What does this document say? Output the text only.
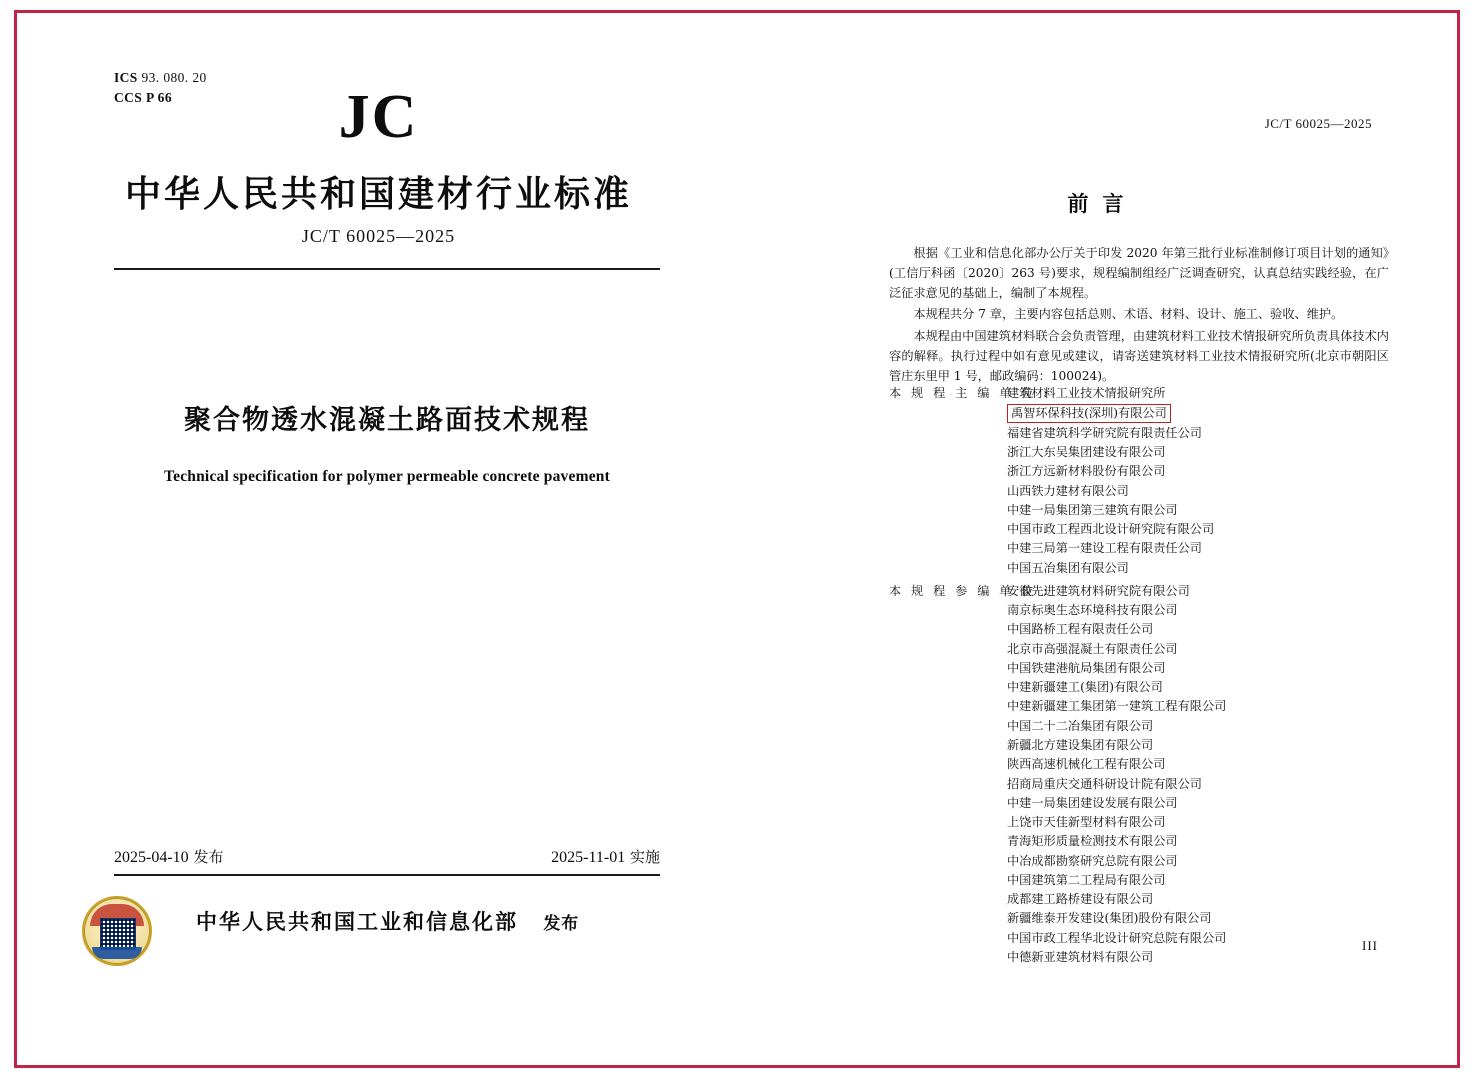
ICS 93. 080. 20
CCS P 66	JC
中华人民共和国建材行业标准
JC/T 60025—2025
聚合物透水混凝土路面技术规程
Technical specification for polymer permeable concrete pavement
2025-04-10 发布	2025-11-01 实施
中华人民共和国工业和信息化部 发布
JC/T 60025—2025
前言

根据《工业和信息化部办公厅关于印发 2020 年第三批行业标准制修订项目计划的通知》(工信厅科函〔2020〕263 号)要求，规程编制组经广泛调查研究，认真总结实践经验，在广泛征求意见的基础上，编制了本规程。

本规程共分 7 章，主要内容包括总则、术语、材料、设计、施工、验收、维护。

本规程由中国建筑材料联合会负责管理，由建筑材料工业技术情报研究所负责具体技术内容的解释。执行过程中如有意见或建议，请寄送建筑材料工业技术情报研究所(北京市朝阳区管庄东里甲 1 号，邮政编码：100024)。

本 规 程 主 编 单 位 :
建筑材料工业技术情报研究所
禹智环保科技(深圳)有限公司
福建省建筑科学研究院有限责任公司
浙江大东吴集团建设有限公司
浙江方远新材料股份有限公司
山西铁力建材有限公司
中建一局集团第三建筑有限公司
中国市政工程西北设计研究院有限公司
中建三局第一建设工程有限责任公司
中国五冶集团有限公司
本 规 程 参 编 单 位 :
安徽先进建筑材料研究院有限公司
南京标奥生态环境科技有限公司
中国路桥工程有限责任公司
北京市高强混凝土有限责任公司
中国铁建港航局集团有限公司
中建新疆建工(集团)有限公司
中建新疆建工集团第一建筑工程有限公司
中国二十二冶集团有限公司
新疆北方建设集团有限公司
陕西高速机械化工程有限公司
招商局重庆交通科研设计院有限公司
中建一局集团建设发展有限公司
上饶市天佳新型材料有限公司
青海矩形质量检测技术有限公司
中冶成都勘察研究总院有限公司
中国建筑第二工程局有限公司
成都建工路桥建设有限公司
新疆维泰开发建设(集团)股份有限公司
中国市政工程华北设计研究总院有限公司
中德新亚建筑材料有限公司
III
